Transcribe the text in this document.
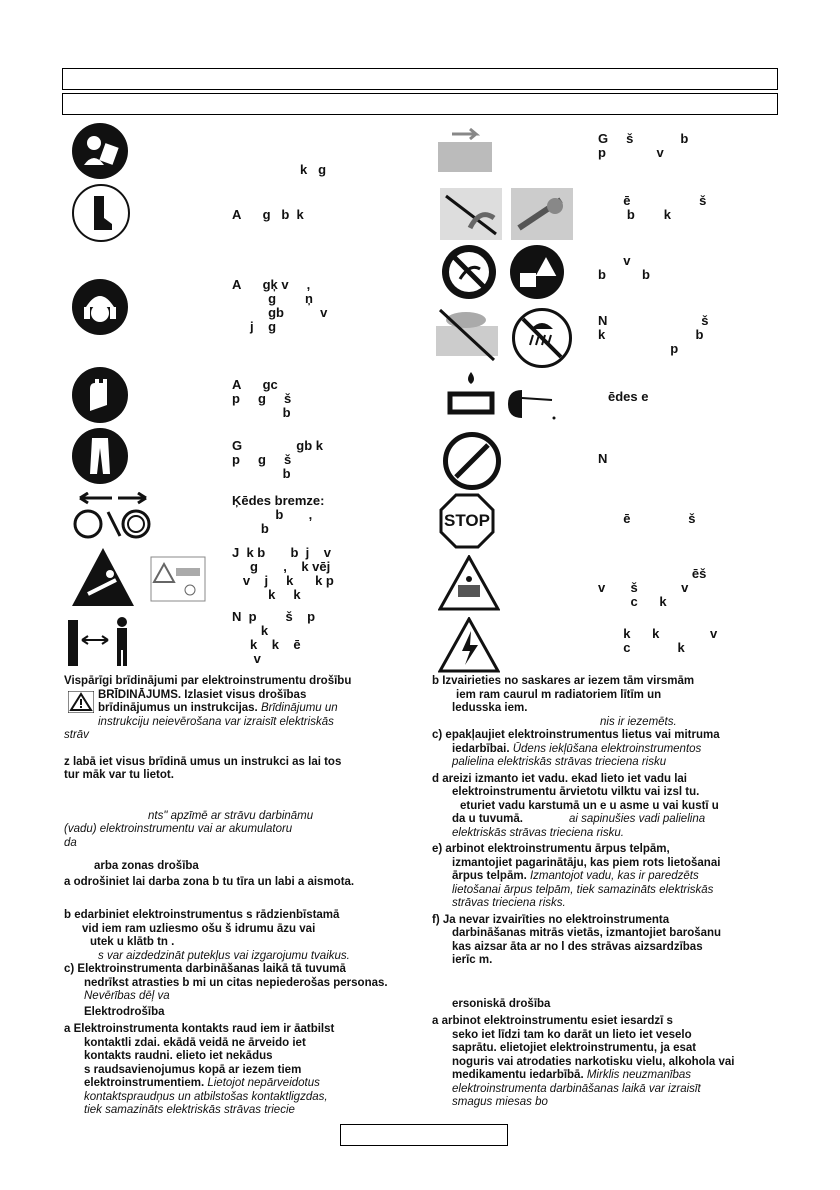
k   g
A      g   b  k
A      gķ v     ,
g        ņ
gb          v
j    g
A      gc
p     g     š
b
G               gb k
p     g     š
b
Ķēdes bremze:
b       ,
b
J  k b       b  j    v
g       ,    k vēj
v    j     k      k p
k     k
N  p        š    p
k
k    k    ē
v
G     š             b
p              v
ē                   š
b        k
v
b          b
N                          š
k                         b
p
ēdes e
N
STOP	ē                š
ēš
v       š            v
c      k
k      k              v
c             k

Vispārīgi brīdinājumi par elektroinstrumentu drošību

BRĪDINĀJUMS. Izlasiet visus drošības

brīdinājumus un instrukcijas. Brīdinājumu un

instrukciju neievērošana var izraisīt elektriskās

strāv

z labā iet visus brīdinā umus un instrukci as lai tos

tur māk var tu lietot.

nts" apzīmē ar strāvu darbināmu

(vadu) elektroinstrumentu vai ar akumulatoru

da

arba zonas drošība

a odrošiniet lai darba zona b tu tīra un labi a aismota.

b edarbiniet elektroinstrumentus s rādzienbīstamā

vid iem ram uzliesmo ošu š idrumu āzu vai

utek u klātb tn .

s var aizdedzināt putekļus vai izgarojumu tvaikus.

c) Elektroinstrumenta darbināšanas laikā tā tuvumā

nedrīkst atrasties b mi un citas nepiederošas personas.

Nevērības dēļ va

Elektrodrošība

a Elektroinstrumenta kontakts raud iem ir āatbilst

kontaktli zdai. ekādā veidā ne ārveido iet

kontakts raudni. elieto iet nekādus

s raudsavienojumus kopā ar iezem tiem

elektroinstrumentiem. Lietojot nepārveidotus

kontaktspraudņus un atbilstošas kontaktligzdas,

tiek samazināts elektriskās strāvas triecie

b Izvairieties no saskares ar iezem tām virsmām

iem ram caurul m radiatoriem lītīm un

ledusska iem.

nis ir iezemēts.

c) epakļaujiet elektroinstrumentus lietus vai mitruma

iedarbībai. Ūdens iekļūšana elektroinstrumentos

palielina elektriskās strāvas trieciena risku

d areizi izmanto iet vadu. ekad lieto iet vadu lai

elektroinstrumentu ārvietotu vilktu vai izsl tu.

eturiet vadu karstumā un e u asme u vai kustī u

da u tuvumā.	ai sapinušies vadi palielina

elektriskās strāvas trieciena risku.

e) arbinot elektroinstrumentu ārpus telpām,

izmantojiet pagarinātāju, kas piem rots lietošanai

ārpus telpām. Izmantojot vadu, kas ir paredzēts

lietošanai ārpus telpām, tiek samazināts elektriskās

strāvas trieciena risks.

f) Ja nevar izvairīties no elektroinstrumenta

darbināšanas mitrās vietās, izmantojiet barošanu

kas aizsar āta ar no l des strāvas aizsardzības

ierīc m.

ersoniskā drošība

a arbinot elektroinstrumentu esiet iesardzī s

seko iet līdzi tam ko darāt un lieto iet veselo

saprātu. elietojiet elektroinstrumentu, ja esat

noguris vai atrodaties narkotisku vielu, alkohola vai

medikamentu iedarbībā. Mirklis neuzmanības

elektroinstrumenta darbināšanas laikā var izraisīt

smagus miesas bo
